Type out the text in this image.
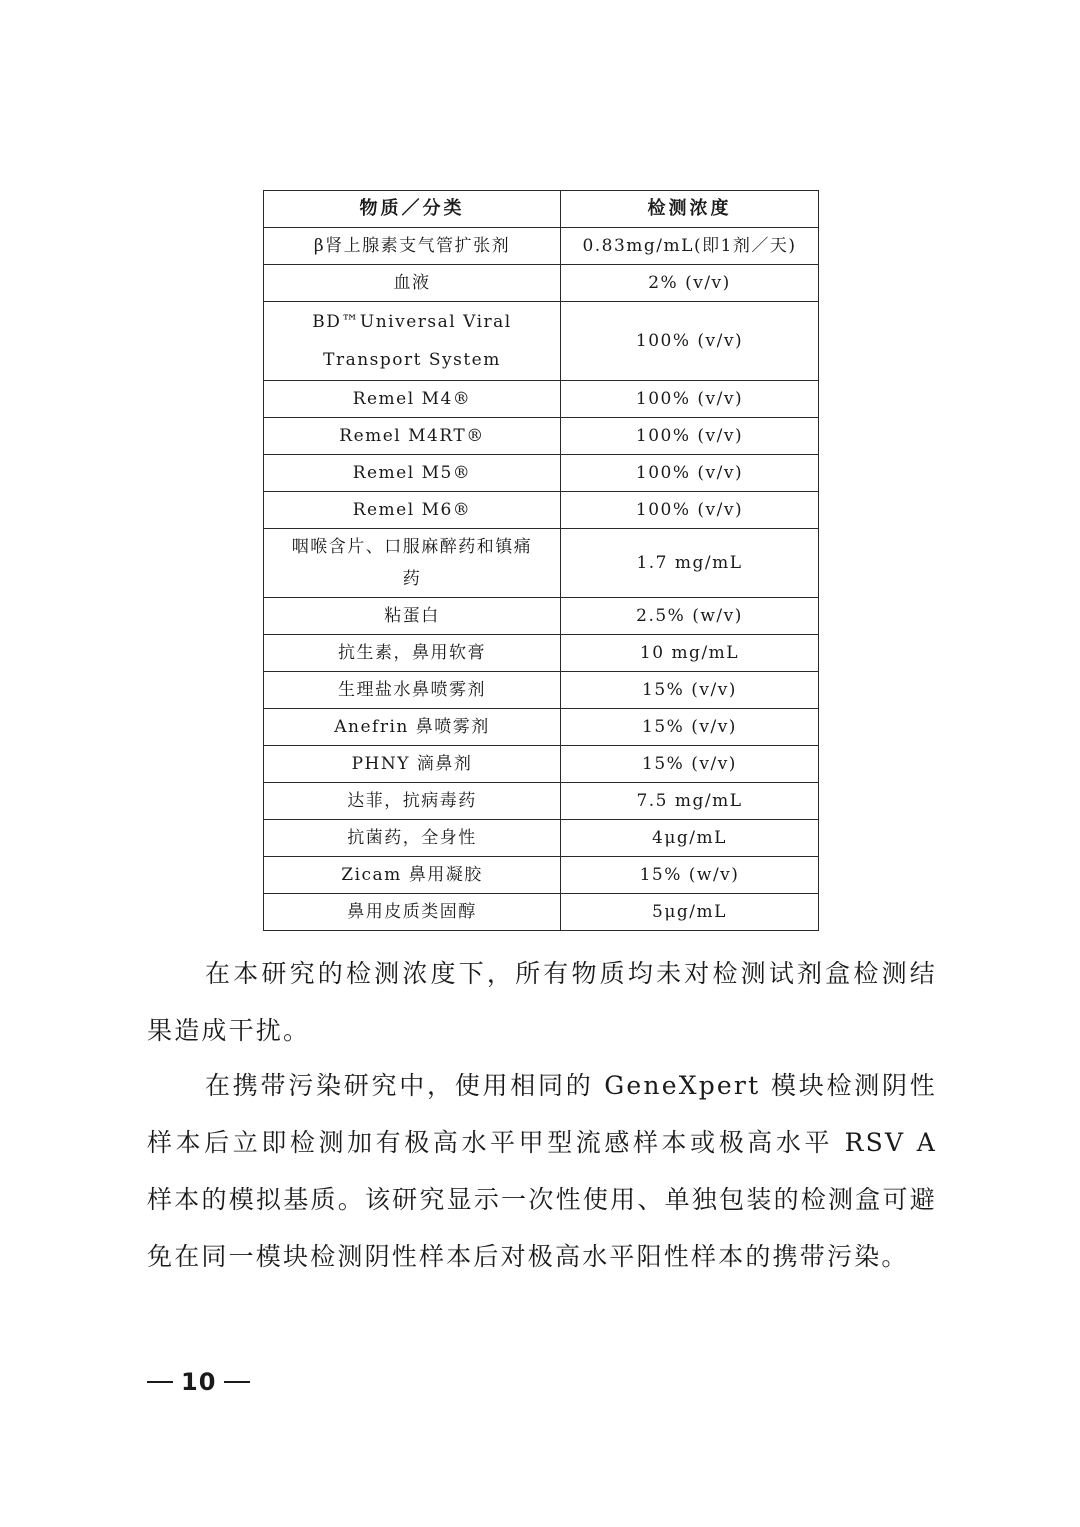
物质／分类	检测浓度
β肾上腺素支气管扩张剂	0.83mg/mL(即1剂／天)
血液	2% (v/v)

BD™Universal Viral
Transport System	100% (v/v)
Remel M4®	100% (v/v)
Remel M4RT®	100% (v/v)
Remel M5®	100% (v/v)
Remel M6®	100% (v/v)

咽喉含片、口服麻醉药和镇痛
药	1.7 mg/mL
粘蛋白	2.5% (w/v)
抗生素，鼻用软膏	10 mg/mL
生理盐水鼻喷雾剂	15% (v/v)
Anefrin 鼻喷雾剂	15% (v/v)
PHNY 滴鼻剂	15% (v/v)
达菲，抗病毒药	7.5 mg/mL
抗菌药，全身性	4μg/mL
Zicam 鼻用凝胶	15% (w/v)
鼻用皮质类固醇	5μg/mL

在本研究的检测浓度下，所有物质均未对检测试剂盒检测结果造成干扰。

在携带污染研究中，使用相同的 GeneXpert 模块检测阴性样本后立即检测加有极高水平甲型流感样本或极高水平 RSV A 样本的模拟基质。该研究显示一次性使用、单独包装的检测盒可避免在同一模块检测阴性样本后对极高水平阳性样本的携带污染。

10
